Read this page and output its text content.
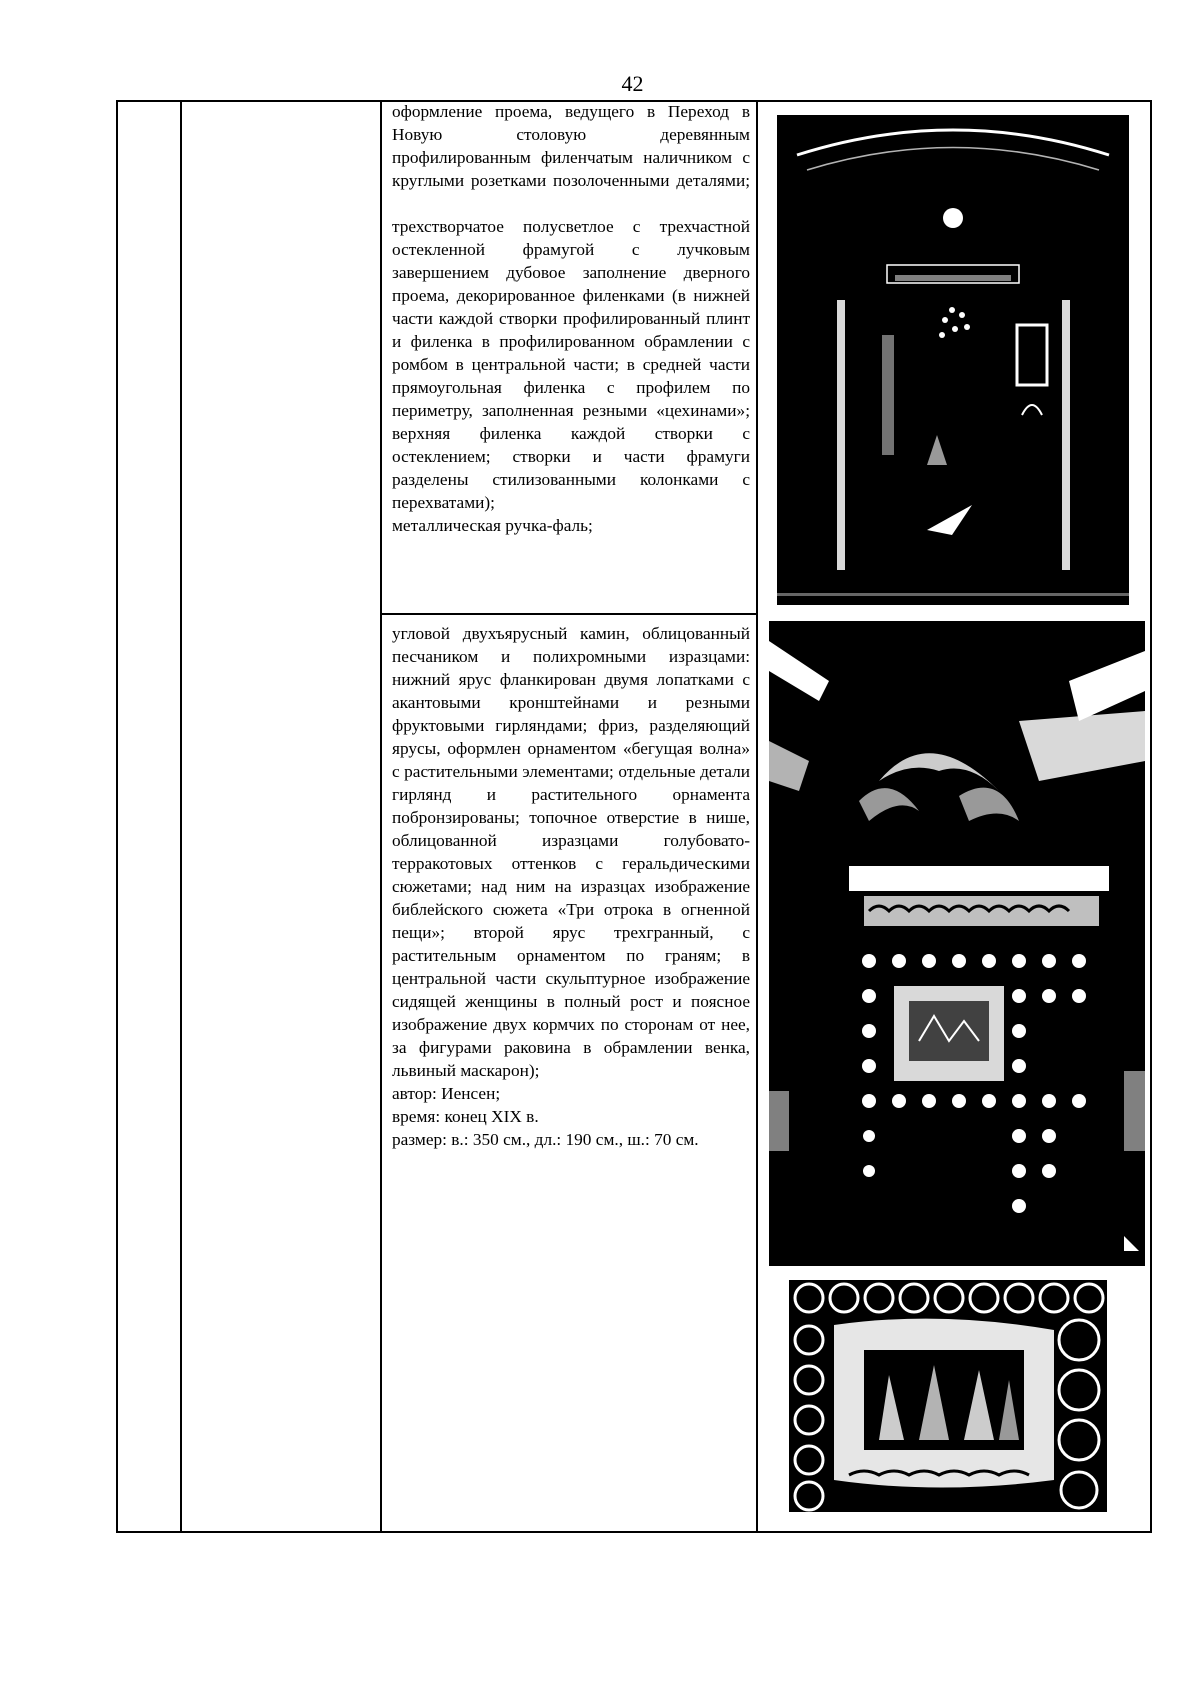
42

оформление проема, ведущего в Переход в Новую столовую деревянным профилированным филенчатым наличником с круглыми розетками позолоченными деталями;

трехстворчатое полусветлое с трехчастной остекленной фрамугой с лучковым завершением дубовое заполнение дверного проема, декорированное филенками (в нижней части каждой створки профилированный плинт и филенка в профилированном обрамлении с ромбом в центральной части; в средней части прямоугольная филенка с профилем по периметру, заполненная резными «цехинами»; верхняя филенка каждой створки с остеклением; створки и части фрамуги разделены стилизованными колонками с перехватами);

металлическая ручка-фаль;

угловой двухъярусный камин, облицованный песчаником и полихромными изразцами: нижний ярус фланкирован двумя лопатками с акантовыми кронштейнами и резными фруктовыми гирляндами; фриз, разделяющий ярусы, оформлен орнаментом «бегущая волна» с растительными элементами; отдельные детали гирлянд и растительного орнамента побронзированы; топочное отверстие в нише, облицованной изразцами голубовато-терракотовых оттенков с геральдическими сюжетами; над ним на изразцах изображение библейского сюжета «Три отрока в огненной пещи»; второй ярус трехгранный, с растительным орнаментом по граням; в центральной части скульптурное изображение сидящей женщины в полный рост и поясное изображение двух кормчих по сторонам от нее, за фигурами раковина в обрамлении венка, львиный маскарон);

автор: Иенсен;

время: конец XIX в.

размер: в.: 350 см., дл.: 190 см., ш.: 70 см.
